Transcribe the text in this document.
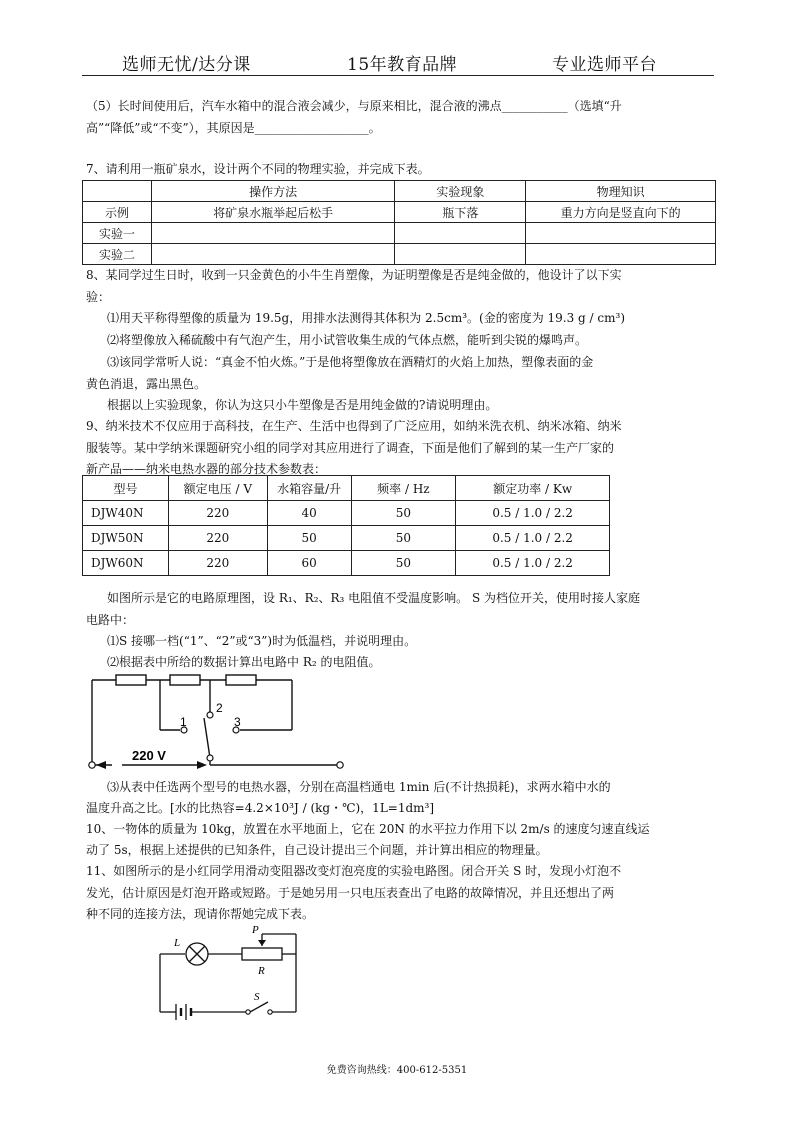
选师无忧/达分课	15年教育品牌	专业选师平台
（5）长时间使用后，汽车水箱中的混合液会减少，与原来相比，混合液的沸点___________（选填“升
高”“降低”或“不变”），其原因是___________________。
7、请利用一瓶矿泉水，设计两个不同的物理实验，并完成下表。
	操作方法	实验现象	物理知识
示例	将矿泉水瓶举起后松手	瓶下落	重力方向是竖直向下的
实验一			
实验二			
8、某同学过生日时，收到一只金黄色的小牛生肖塑像，为证明塑像是否是纯金做的，他设计了以下实
验：
⑴用天平称得塑像的质量为 19.5g，用排水法测得其体积为 2.5cm³。(金的密度为 19.3 g / cm³)
⑵将塑像放入稀硫酸中有气泡产生，用小试管收集生成的气体点燃，能听到尖锐的爆鸣声。
⑶该同学常听人说：“真金不怕火炼。”于是他将塑像放在酒精灯的火焰上加热，塑像表面的金
黄色消退，露出黑色。
根据以上实验现象，你认为这只小牛塑像是否是用纯金做的?请说明理由。
9、纳米技术不仅应用于高科技，在生产、生活中也得到了广泛应用，如纳米洗衣机、纳米冰箱、纳米
服装等。某中学纳米课题研究小组的同学对其应用进行了调查，下面是他们了解到的某一生产厂家的
新产品——纳米电热水器的部分技术参数表：
型号	额定电压 / V	水箱容量/升	频率 / Hz	额定功率 / Kw
DJW40N	220	40	50	0.5 / 1.0 / 2.2
DJW50N	220	50	50	0.5 / 1.0 / 2.2
DJW60N	220	60	50	0.5 / 1.0 / 2.2
如图所示是它的电路原理图，设 R₁、R₂、R₃ 电阻值不受温度影响。 S 为档位开关，使用时接人家庭
电路中：
⑴S 接哪一档(“1”、“2”或“3”)时为低温档，并说明理由。
⑵根据表中所给的数据计算出电路中 R₂ 的电阻值。
1
2
3
220 V
⑶从表中任选两个型号的电热水器，分别在高温档通电 1min 后(不计热损耗)，求两水箱中水的
温度升高之比。[水的比热容=4.2×10³J / (kg・℃)，1L=1dm³]
10、一物体的质量为 10kg，放置在水平地面上，它在 20N 的水平拉力作用下以 2m/s 的速度匀速直线运
动了 5s，根据上述提供的已知条件，自己设计提出三个问题，并计算出相应的物理量。
11、如图所示的是小红同学用滑动变阻器改变灯泡亮度的实验电路图。闭合开关 S 时，发现小灯泡不
发光，估计原因是灯泡开路或短路。于是她另用一只电压表查出了电路的故障情况，并且还想出了两
种不同的连接方法，现请你帮她完成下表。
L
P
R
S
免费咨询热线：400-612-5351
